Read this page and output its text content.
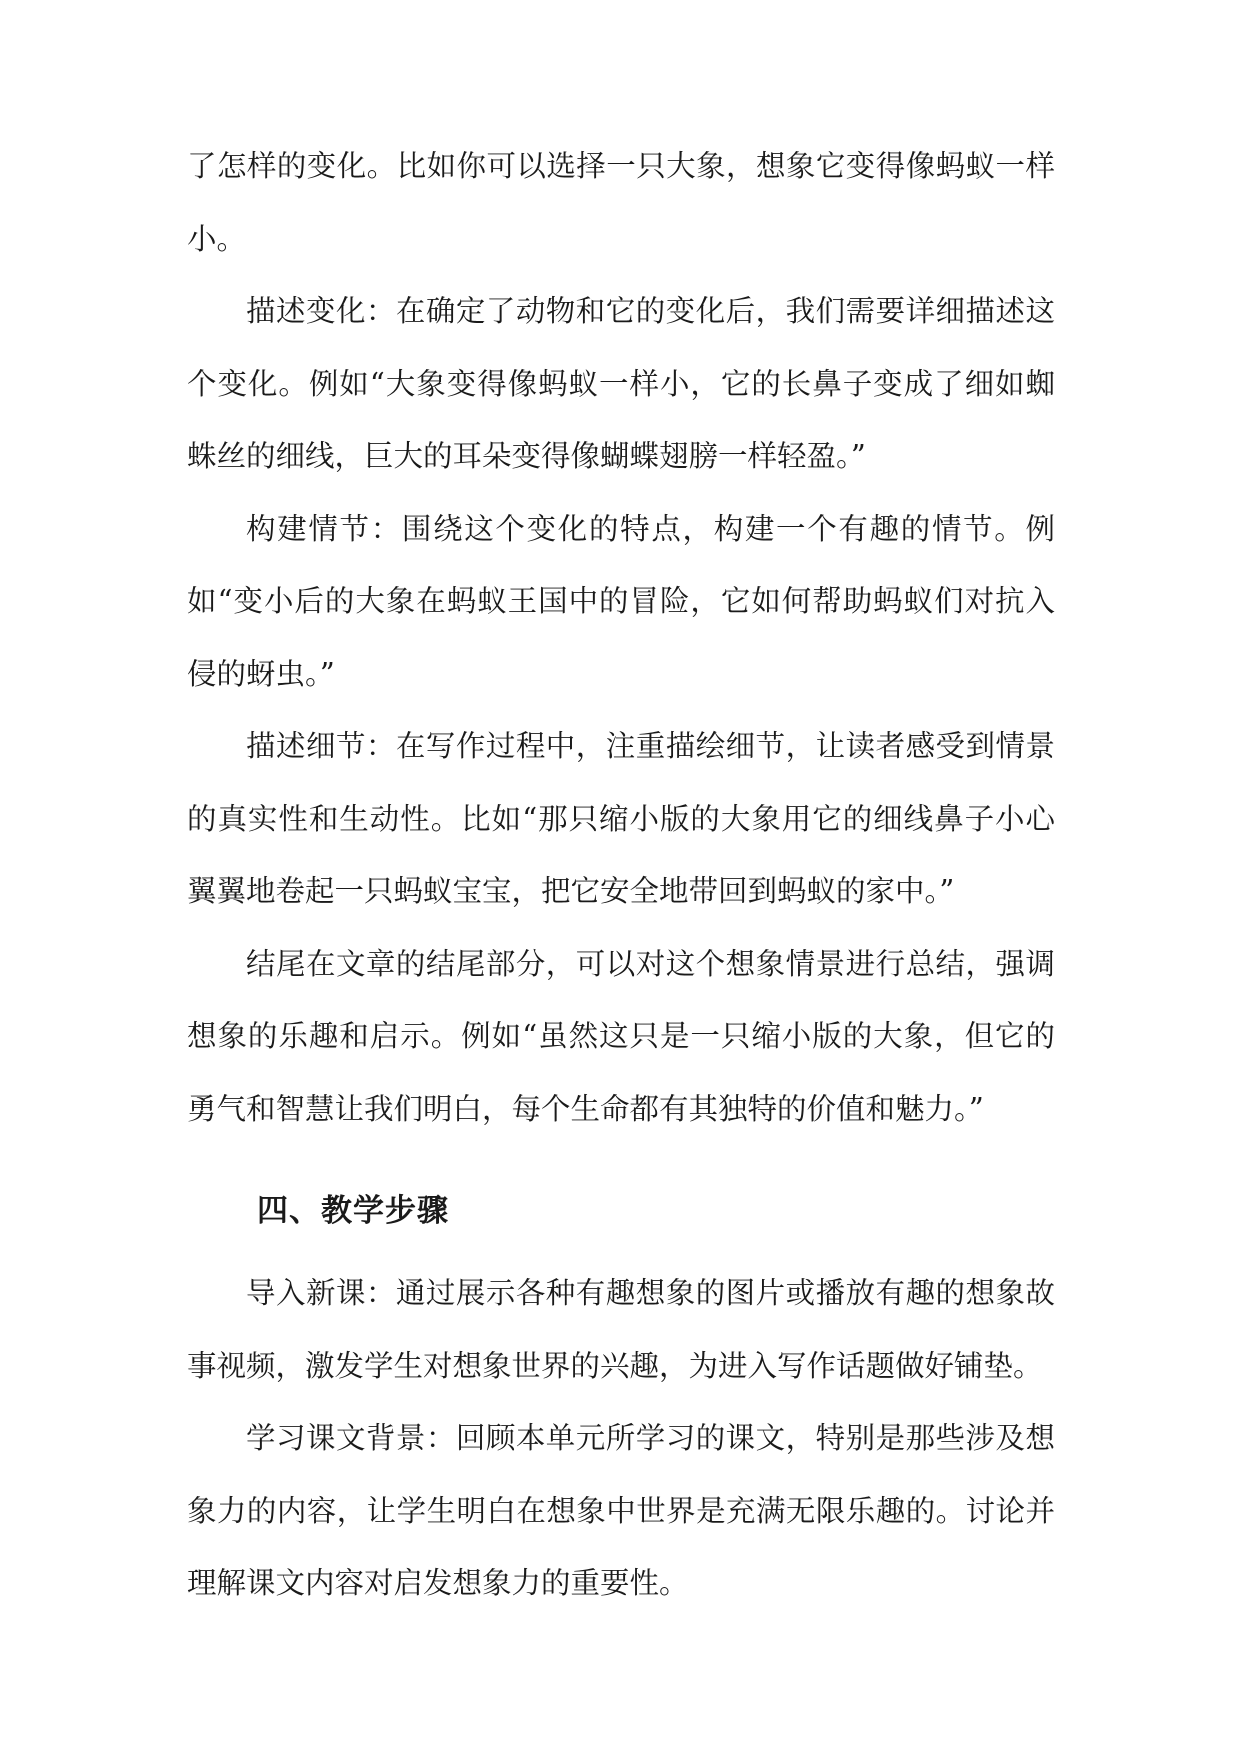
了怎样的变化。比如你可以选择一只大象，想象它变得像蚂蚁一样小。

描述变化：在确定了动物和它的变化后，我们需要详细描述这个变化。例如“大象变得像蚂蚁一样小，它的长鼻子变成了细如蜘蛛丝的细线，巨大的耳朵变得像蝴蝶翅膀一样轻盈。”

构建情节：围绕这个变化的特点，构建一个有趣的情节。例如“变小后的大象在蚂蚁王国中的冒险，它如何帮助蚂蚁们对抗入侵的蚜虫。”

描述细节：在写作过程中，注重描绘细节，让读者感受到情景的真实性和生动性。比如“那只缩小版的大象用它的细线鼻子小心翼翼地卷起一只蚂蚁宝宝，把它安全地带回到蚂蚁的家中。”

结尾在文章的结尾部分，可以对这个想象情景进行总结，强调想象的乐趣和启示。例如“虽然这只是一只缩小版的大象，但它的勇气和智慧让我们明白，每个生命都有其独特的价值和魅力。”

四、教学步骤

导入新课：通过展示各种有趣想象的图片或播放有趣的想象故事视频，激发学生对想象世界的兴趣，为进入写作话题做好铺垫。

学习课文背景：回顾本单元所学习的课文，特别是那些涉及想象力的内容，让学生明白在想象中世界是充满无限乐趣的。讨论并理解课文内容对启发想象力的重要性。
